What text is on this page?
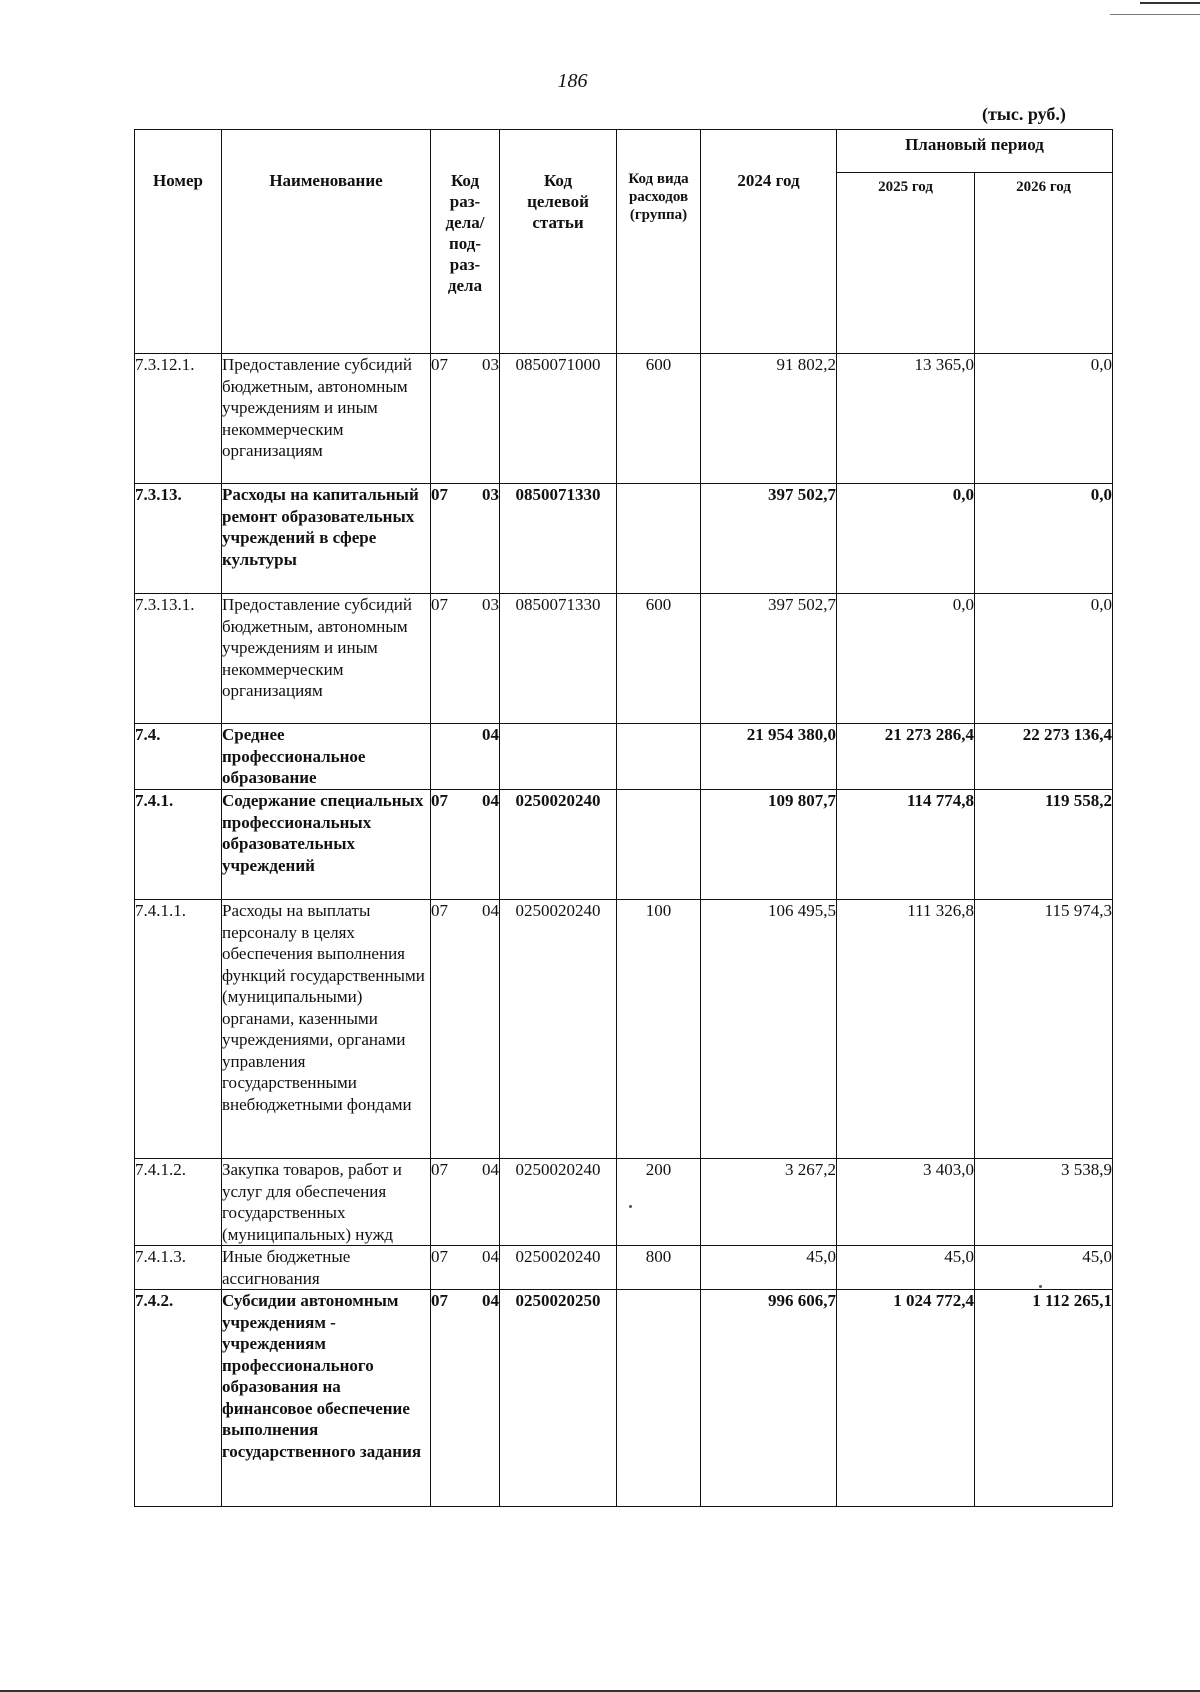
186
(тыс. руб.)
Номер	Наименование	Код раз- дела/ под- раз- дела	Код целевой статьи	Код вида расходов (группа)	2024 год	Плановый период	
						2025 год	2026 год
7.3.12.1.	Предоставление субсидий бюджетным, автономным учреждениям и иным некоммерческим организациям	07 03	0850071000	600	91 802,2	13 365,0	0,0
7.3.13.	Расходы на капитальный ремонт образовательных учреждений в сфере культуры	07 03	0850071330		397 502,7	0,0	0,0
7.3.13.1.	Предоставление субсидий бюджетным, автономным учреждениям и иным некоммерческим организациям	07 03	0850071330	600	397 502,7	0,0	0,0
7.4.	Среднее профессиональное образование	04			21 954 380,0	21 273 286,4	22 273 136,4
7.4.1.	Содержание специальных профессиональных образовательных учреждений	07 04	0250020240		109 807,7	114 774,8	119 558,2
7.4.1.1.	Расходы на выплаты персоналу в целях обеспечения выполнения функций государственными (муниципальными) органами, казенными учреждениями, органами управления государственными внебюджетными фондами	07 04	0250020240	100	106 495,5	111 326,8	115 974,3
7.4.1.2.	Закупка товаров, работ и услуг для обеспечения государственных (муниципальных) нужд	07 04	0250020240	200	3 267,2	3 403,0	3 538,9
7.4.1.3.	Иные бюджетные ассигнования	07 04	0250020240	800	45,0	45,0	45,0
7.4.2.	Субсидии автономным учреждениям - учреждениям профессионального образования на финансовое обеспечение выполнения государственного задания	07 04	0250020250		996 606,7	1 024 772,4	1 112 265,1
